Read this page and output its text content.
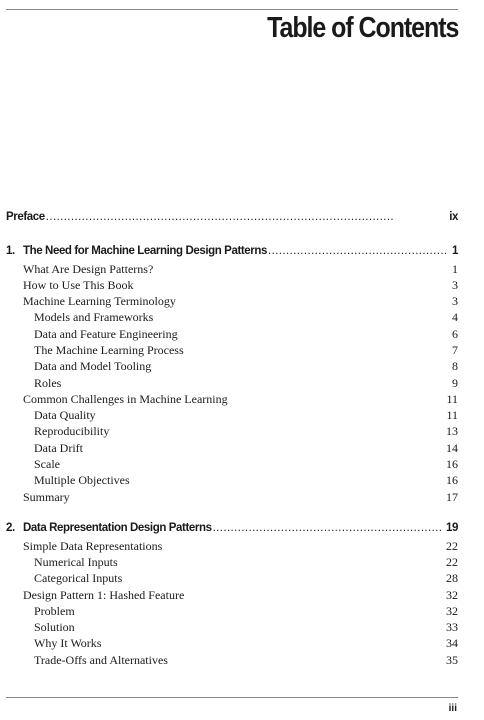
Table of Contents
Preface . . .	ix
1. The Need for Machine Learning Design Patterns . . .	1
What Are Design Patterns?	1
How to Use This Book	3
Machine Learning Terminology	3
Models and Frameworks	4
Data and Feature Engineering	6
The Machine Learning Process	7
Data and Model Tooling	8
Roles	9
Common Challenges in Machine Learning	11
Data Quality	11
Reproducibility	13
Data Drift	14
Scale	16
Multiple Objectives	16
Summary	17
2. Data Representation Design Patterns . . .	19
Simple Data Representations	22
Numerical Inputs	22
Categorical Inputs	28
Design Pattern 1: Hashed Feature	32
Problem	32
Solution	33
Why It Works	34
Trade-Offs and Alternatives	35
iii
